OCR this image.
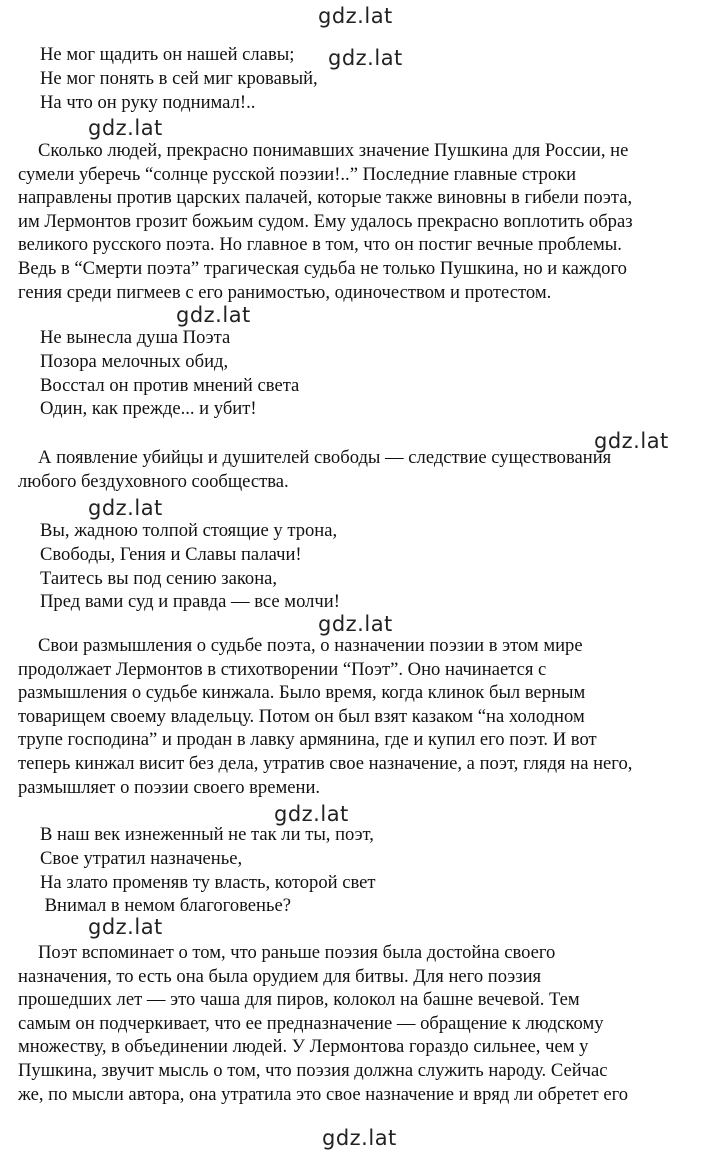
gdz.lat
gdz.lat
gdz.lat
gdz.lat
gdz.lat
gdz.lat
gdz.lat
gdz.lat
gdz.lat
gdz.lat
Не мог щадить он нашей славы;
Не мог понять в сей миг кровавый,
На что он руку поднимал!..
Сколько людей, прекрасно понимавших значение Пушкина для России, не
сумели уберечь “солнце русской поэзии!..” Последние главные строки
направлены против царских палачей, которые также виновны в гибели поэта,
им Лермонтов грозит божьим судом. Ему удалось прекрасно воплотить образ
великого русского поэта. Но главное в том, что он постиг вечные проблемы.
Ведь в “Смерти поэта” трагическая судьба не только Пушкина, но и каждого
гения среди пигмеев с его ранимостью, одиночеством и протестом.
Не вынесла душа Поэта
Позора мелочных обид,
Восстал он против мнений света
Один, как прежде... и убит!
А появление убийцы и душителей свободы — следствие существования
любого бездуховного сообщества.
Вы, жадною толпой стоящие у трона,
Свободы, Гения и Славы палачи!
Таитесь вы под сению закона,
Пред вами суд и правда — все молчи!
Свои размышления о судьбе поэта, о назначении поэзии в этом мире
продолжает Лермонтов в стихотворении “Поэт”. Оно начинается с
размышления о судьбе кинжала. Было время, когда клинок был верным
товарищем своему владельцу. Потом он был взят казаком “на холодном
трупе господина” и продан в лавку армянина, где и купил его поэт. И вот
теперь кинжал висит без дела, утратив свое назначение, а поэт, глядя на него,
размышляет о поэзии своего времени.
В наш век изнеженный не так ли ты, поэт,
Свое утратил назначенье,
На злато променяв ту власть, которой свет
Внимал в немом благоговенье?
Поэт вспоминает о том, что раньше поэзия была достойна своего
назначения, то есть она была орудием для битвы. Для него поэзия
прошедших лет — это чаша для пиров, колокол на башне вечевой. Тем
самым он подчеркивает, что ее предназначение — обращение к людскому
множеству, в объединении людей. У Лермонтова гораздо сильнее, чем у
Пушкина, звучит мысль о том, что поэзия должна служить народу. Сейчас
же, по мысли автора, она утратила это свое назначение и вряд ли обретет его
